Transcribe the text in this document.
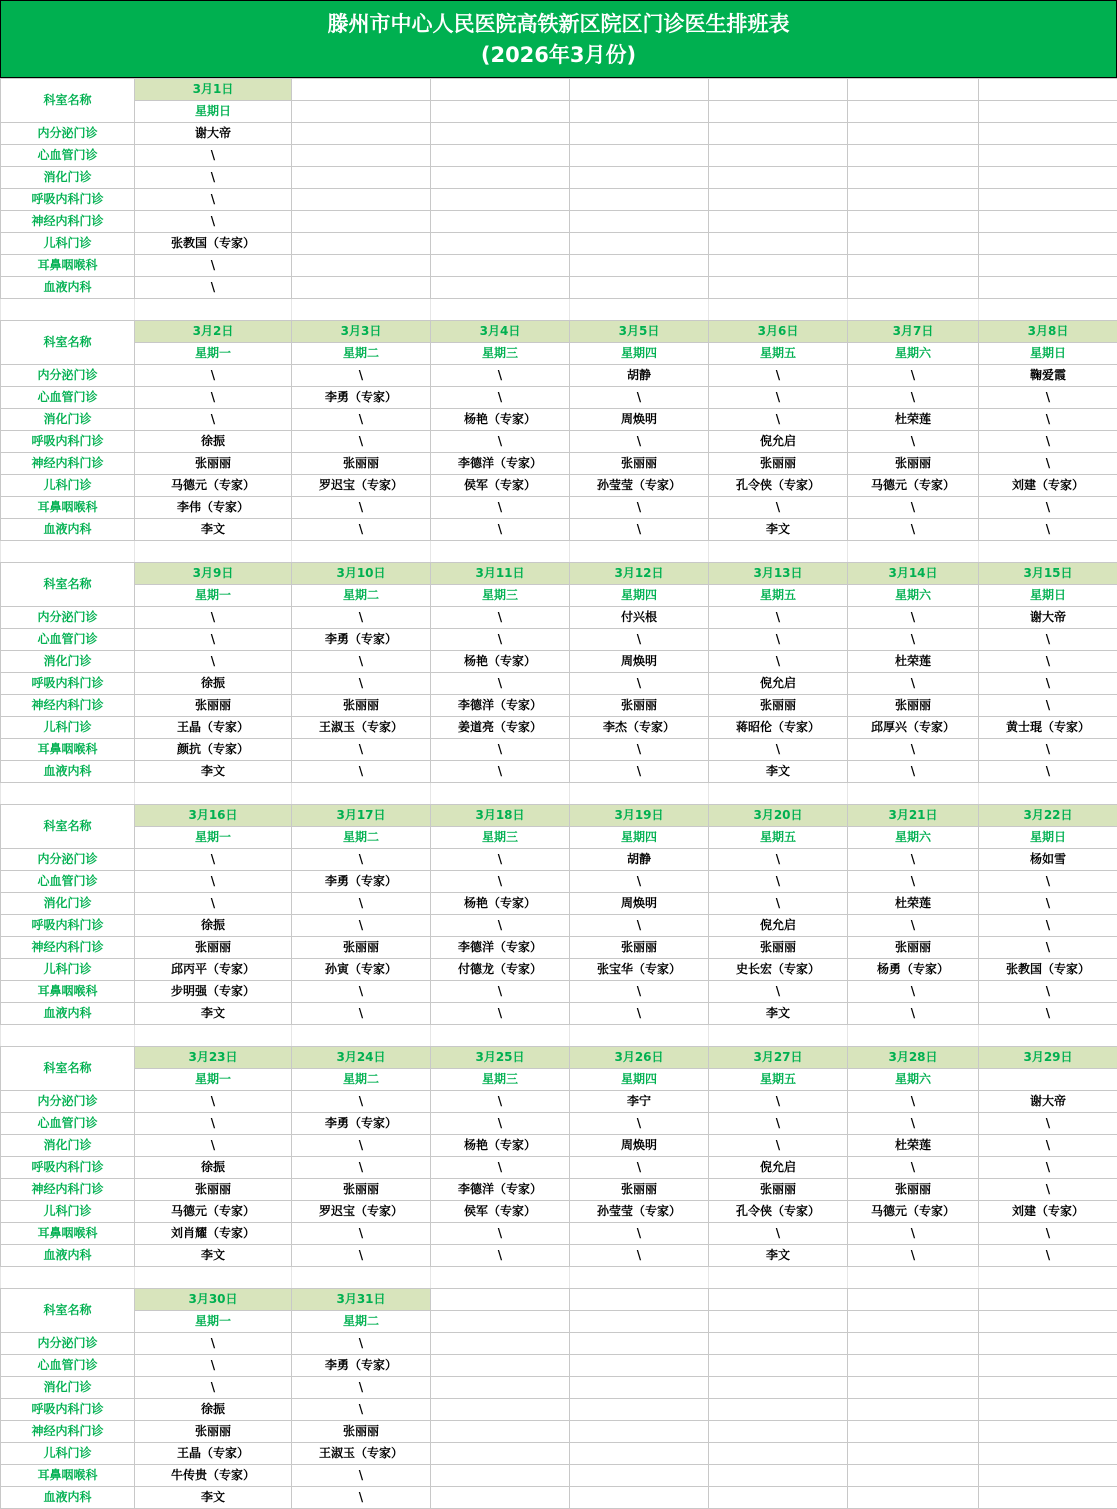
滕州市中心人民医院高铁新区院区门诊医生排班表
(2026年3月份)
科室名称	3月1日						
	星期日						
内分泌门诊	谢大帝						
心血管门诊	\						
消化门诊	\						
呼吸内科门诊	\						
神经内科门诊	\						
儿科门诊	张教国（专家）						
耳鼻咽喉科	\						
血液内科	\						

科室名称	3月2日	3月3日	3月4日	3月5日	3月6日	3月7日	3月8日
	星期一	星期二	星期三	星期四	星期五	星期六	星期日
内分泌门诊	\	\	\	胡静	\	\	鞠爱霞
心血管门诊	\	李勇（专家）	\	\	\	\	\
消化门诊	\	\	杨艳（专家）	周焕明	\	杜荣莲	\
呼吸内科门诊	徐振	\	\	\	倪允启	\	\
神经内科门诊	张丽丽	张丽丽	李德洋（专家）	张丽丽	张丽丽	张丽丽	\
儿科门诊	马德元（专家）	罗迟宝（专家）	侯军（专家）	孙莹莹（专家）	孔令侠（专家）	马德元（专家）	刘建（专家）
耳鼻咽喉科	李伟（专家）	\	\	\	\	\	\
血液内科	李文	\	\	\	李文	\	\

科室名称	3月9日	3月10日	3月11日	3月12日	3月13日	3月14日	3月15日
	星期一	星期二	星期三	星期四	星期五	星期六	星期日
内分泌门诊	\	\	\	付兴根	\	\	谢大帝
心血管门诊	\	李勇（专家）	\	\	\	\	\
消化门诊	\	\	杨艳（专家）	周焕明	\	杜荣莲	\
呼吸内科门诊	徐振	\	\	\	倪允启	\	\
神经内科门诊	张丽丽	张丽丽	李德洋（专家）	张丽丽	张丽丽	张丽丽	\
儿科门诊	王晶（专家）	王淑玉（专家）	姜道亮（专家）	李杰（专家）	蒋昭伦（专家）	邱厚兴（专家）	黄士琨（专家）
耳鼻咽喉科	颜抗（专家）	\	\	\	\	\	\
血液内科	李文	\	\	\	李文	\	\

科室名称	3月16日	3月17日	3月18日	3月19日	3月20日	3月21日	3月22日
	星期一	星期二	星期三	星期四	星期五	星期六	星期日
内分泌门诊	\	\	\	胡静	\	\	杨如雪
心血管门诊	\	李勇（专家）	\	\	\	\	\
消化门诊	\	\	杨艳（专家）	周焕明	\	杜荣莲	\
呼吸内科门诊	徐振	\	\	\	倪允启	\	\
神经内科门诊	张丽丽	张丽丽	李德洋（专家）	张丽丽	张丽丽	张丽丽	\
儿科门诊	邱丙平（专家）	孙寅（专家）	付德龙（专家）	张宝华（专家）	史长宏（专家）	杨勇（专家）	张教国（专家）
耳鼻咽喉科	步明强（专家）	\	\	\	\	\	\
血液内科	李文	\	\	\	李文	\	\

科室名称	3月23日	3月24日	3月25日	3月26日	3月27日	3月28日	3月29日
	星期一	星期二	星期三	星期四	星期五	星期六	
内分泌门诊	\	\	\	李宁	\	\	谢大帝
心血管门诊	\	李勇（专家）	\	\	\	\	\
消化门诊	\	\	杨艳（专家）	周焕明	\	杜荣莲	\
呼吸内科门诊	徐振	\	\	\	倪允启	\	\
神经内科门诊	张丽丽	张丽丽	李德洋（专家）	张丽丽	张丽丽	张丽丽	\
儿科门诊	马德元（专家）	罗迟宝（专家）	侯军（专家）	孙莹莹（专家）	孔令侠（专家）	马德元（专家）	刘建（专家）
耳鼻咽喉科	刘肖耀（专家）	\	\	\	\	\	\
血液内科	李文	\	\	\	李文	\	\

科室名称	3月30日	3月31日					
	星期一	星期二					
内分泌门诊	\	\					
心血管门诊	\	李勇（专家）					
消化门诊	\	\					
呼吸内科门诊	徐振	\					
神经内科门诊	张丽丽	张丽丽					
儿科门诊	王晶（专家）	王淑玉（专家）					
耳鼻咽喉科	牛传贵（专家）	\					
血液内科	李文	\					
